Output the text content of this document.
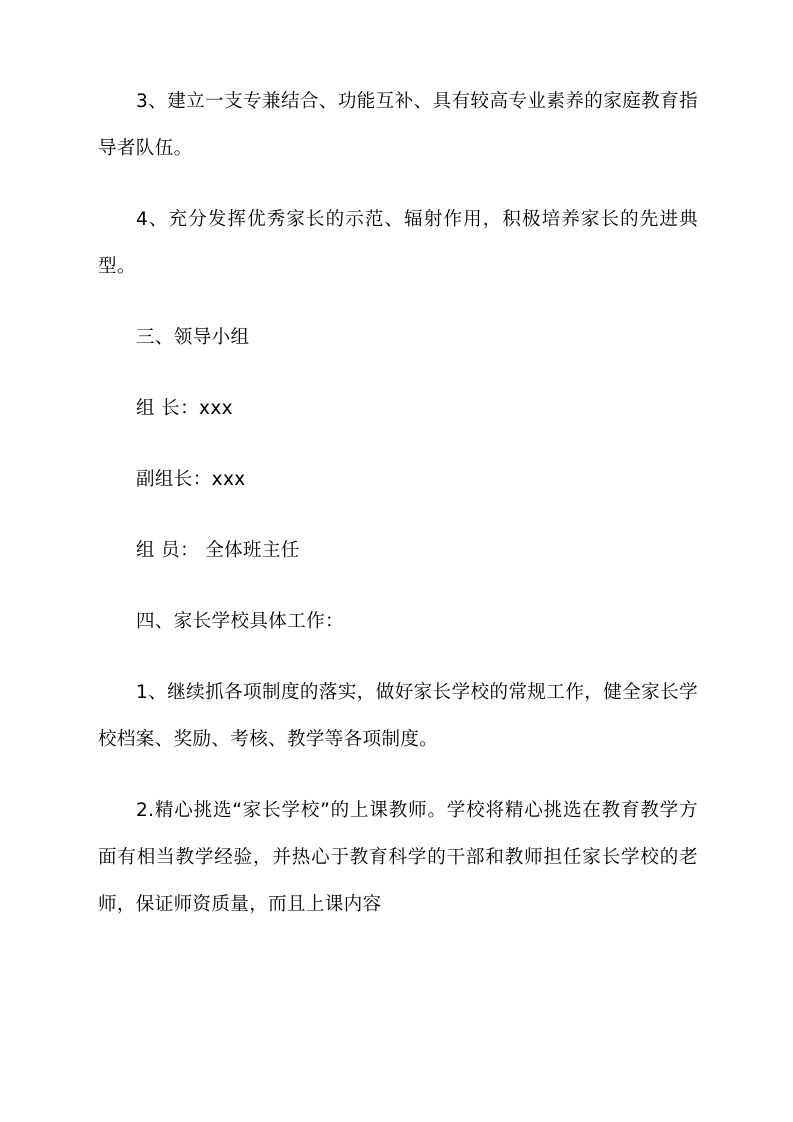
3、建立一支专兼结合、功能互补、具有较高专业素养的家庭教育指导者队伍。

4、充分发挥优秀家长的示范、辐射作用，积极培养家长的先进典型。

三、领导小组

组 长：xxx

副组长：xxx

组 员： 全体班主任

四、家长学校具体工作：

1、继续抓各项制度的落实，做好家长学校的常规工作，健全家长学校档案、奖励、考核、教学等各项制度。

2.精心挑选“家长学校”的上课教师。学校将精心挑选在教育教学方面有相当教学经验，并热心于教育科学的干部和教师担任家长学校的老师，保证师资质量，而且上课内容
